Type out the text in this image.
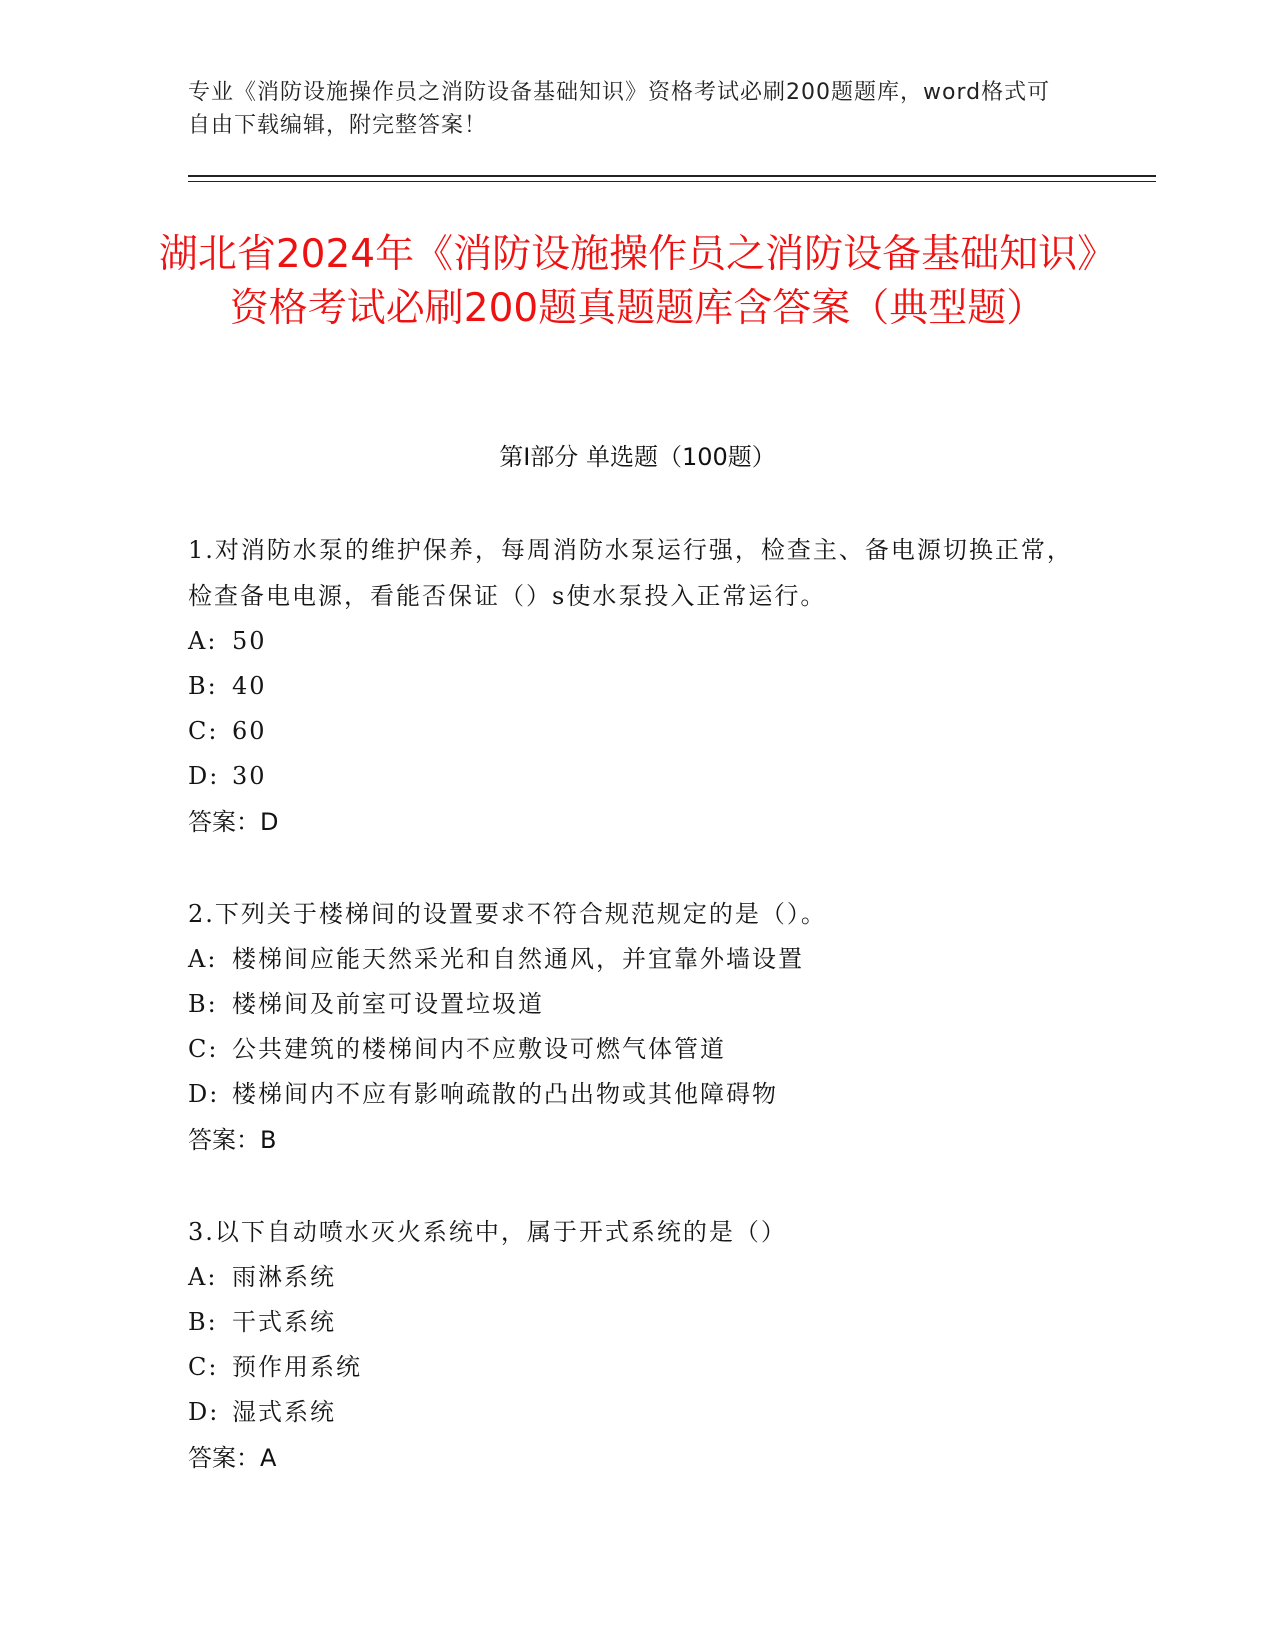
专业《消防设施操作员之消防设备基础知识》资格考试必刷200题题库，word格式可自由下载编辑，附完整答案！
湖北省2024年《消防设施操作员之消防设备基础知识》资格考试必刷200题真题题库含答案（典型题）
第I部分 单选题（100题）

1.对消防水泵的维护保养，每周消防水泵运行强，检查主、备电源切换正常，检查备电电源，看能否保证（）s使水泵投入正常运行。

A: 50

B: 40

C: 60

D: 30

答案：D

2.下列关于楼梯间的设置要求不符合规范规定的是（）。

A: 楼梯间应能天然采光和自然通风，并宜靠外墙设置

B: 楼梯间及前室可设置垃圾道

C: 公共建筑的楼梯间内不应敷设可燃气体管道

D: 楼梯间内不应有影响疏散的凸出物或其他障碍物

答案：B

3.以下自动喷水灭火系统中，属于开式系统的是（）

A: 雨淋系统

B: 干式系统

C: 预作用系统

D: 湿式系统

答案：A
